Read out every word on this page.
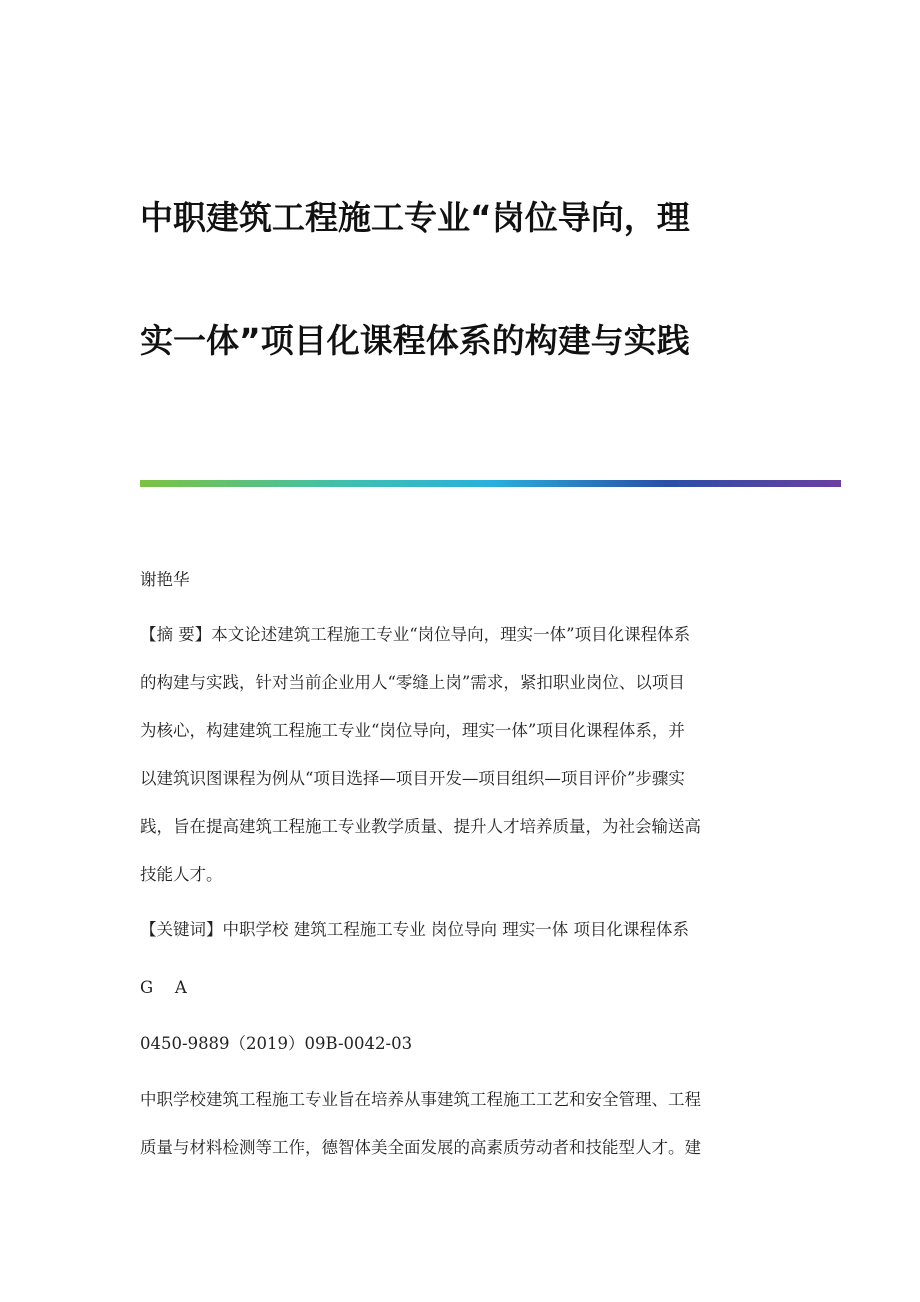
中职建筑工程施工专业“岗位导向，理
实一体”项目化课程体系的构建与实践

谢艳华

【摘 要】本文论述建筑工程施工专业“岗位导向，理实一体”项目化课程体系

的构建与实践，针对当前企业用人“零缝上岗”需求，紧扣职业岗位、以项目

为核心，构建建筑工程施工专业“岗位导向，理实一体”项目化课程体系，并

以建筑识图课程为例从“项目选择—项目开发—项目组织—项目评价”步骤实

践，旨在提高建筑工程施工专业教学质量、提升人才培养质量，为社会输送高

技能人才。

【关键词】中职学校 建筑工程施工专业 岗位导向 理实一体 项目化课程体系

G　 A

0450-9889（2019）09B-0042-03

中职学校建筑工程施工专业旨在培养从事建筑工程施工工艺和安全管理、工程

质量与材料检测等工作，德智体美全面发展的高素质劳动者和技能型人才。建
